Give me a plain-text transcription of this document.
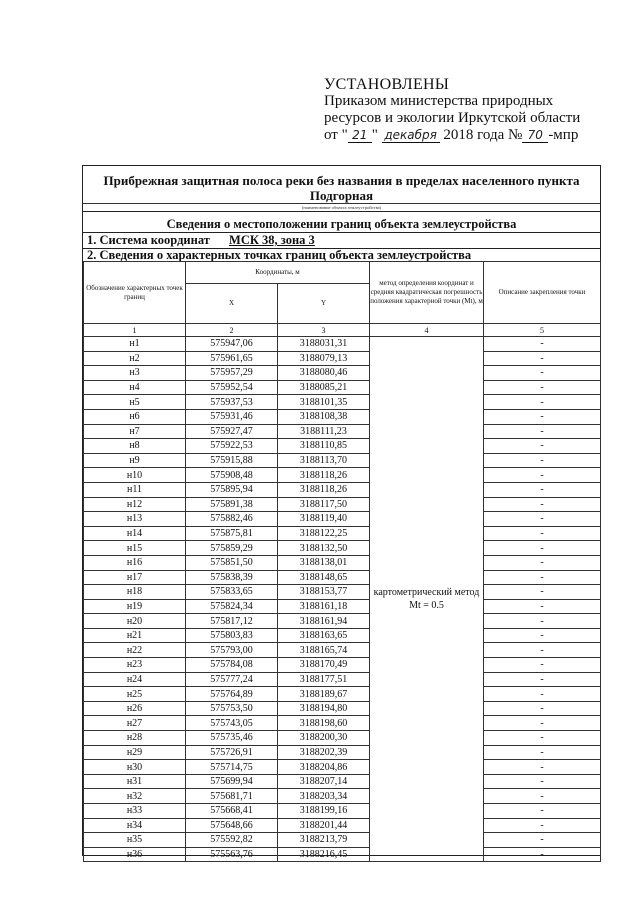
УСТАНОВЛЕНЫ
Приказом министерства природных
ресурсов и экологии Иркутской области
от " 21 " декабря 2018 года № 70 -мпр
Прибрежная защитная полоса реки без названия в пределах населенного пункта Подгорная
(наименование объекта землеустройства)
Сведения о местоположении границ объекта землеустройства
1. Система координат МСК 38, зона 3
2. Сведения о характерных точках границ объекта землеустройства
Обозначение характерных точек границ	Координаты, м		метод определения координат и средняя квадратическая погрешность положения характерной точки (Mt), м	Описание закрепления точки
	X	Y		
1	2	3	4	5
н1	575947,06	3188031,31	картометрический метод Mt = 0.5	-
н2	575961,65	3188079,13		-
н3	575957,29	3188080,46		-
н4	575952,54	3188085,21		-
н5	575937,53	3188101,35		-
н6	575931,46	3188108,38		-
н7	575927,47	3188111,23		-
н8	575922,53	3188110,85		-
н9	575915,88	3188113,70		-
н10	575908,48	3188118,26		-
н11	575895,94	3188118,26		-
н12	575891,38	3188117,50		-
н13	575882,46	3188119,40		-
н14	575875,81	3188122,25		-
н15	575859,29	3188132,50		-
н16	575851,50	3188138,01		-
н17	575838,39	3188148,65		-
н18	575833,65	3188153,77		-
н19	575824,34	3188161,18		-
н20	575817,12	3188161,94		-
н21	575803,83	3188163,65		-
н22	575793,00	3188165,74		-
н23	575784,08	3188170,49		-
н24	575777,24	3188177,51		-
н25	575764,89	3188189,67		-
н26	575753,50	3188194,80		-
н27	575743,05	3188198,60		-
н28	575735,46	3188200,30		-
н29	575726,91	3188202,39		-
н30	575714,75	3188204,86		-
н31	575699,94	3188207,14		-
н32	575681,71	3188203,34		-
н33	575668,41	3188199,16		-
н34	575648,66	3188201,44		-
н35	575592,82	3188213,79		-
н36	575563,76	3188216,45		-
